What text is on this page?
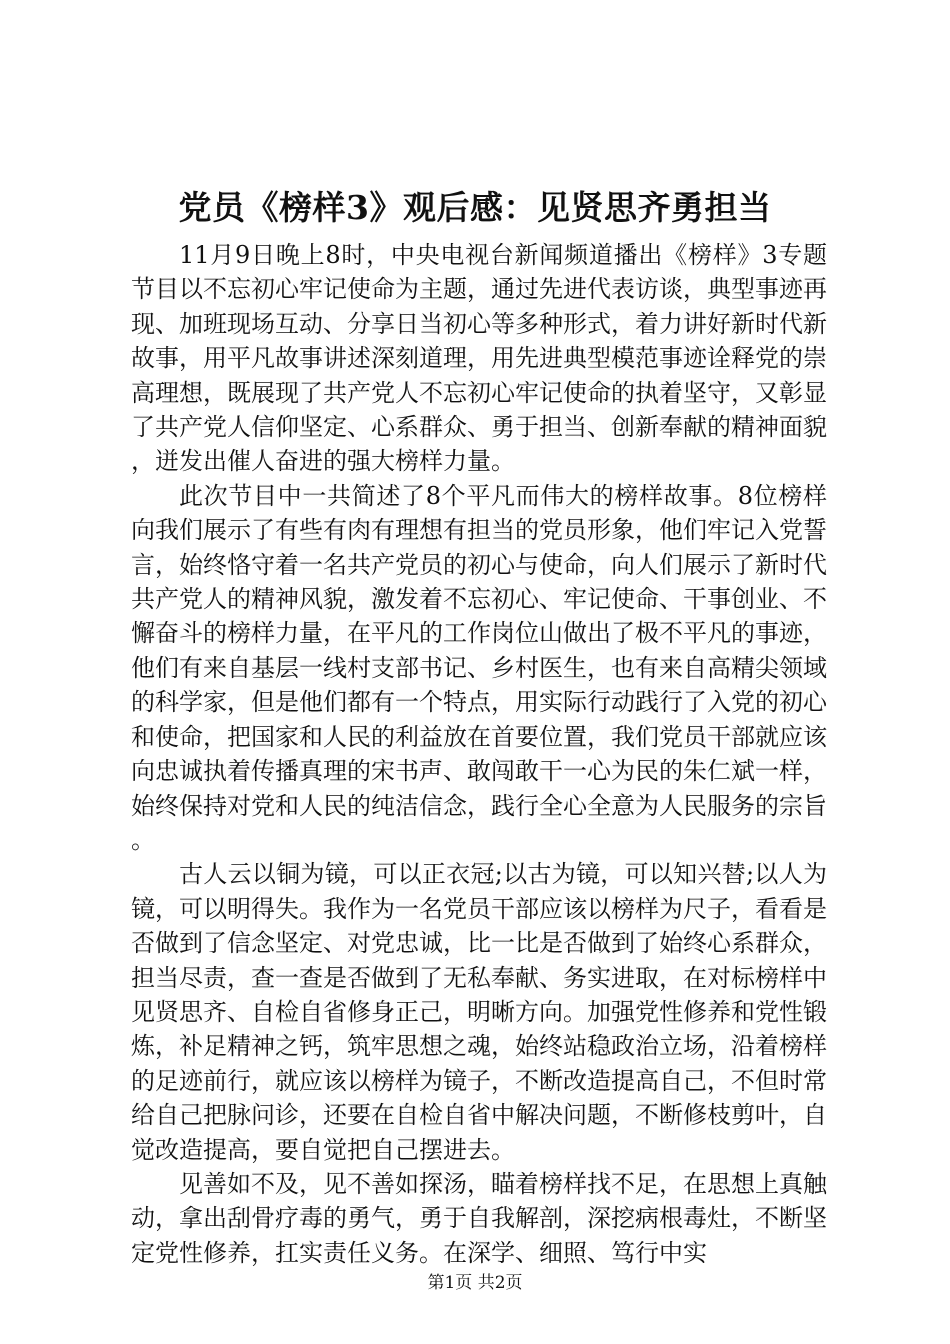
党员《榜样3》观后感：见贤思齐勇担当

11月9日晚上8时，中央电视台新闻频道播出《榜样》3专题节目以不忘初心牢记使命为主题，通过先进代表访谈，典型事迹再现、加班现场互动、分享日当初心等多种形式，着力讲好新时代新故事，用平凡故事讲述深刻道理，用先进典型模范事迹诠释党的崇高理想，既展现了共产党人不忘初心牢记使命的执着坚守，又彰显了共产党人信仰坚定、心系群众、勇于担当、创新奉献的精神面貌，迸发出催人奋进的强大榜样力量。

此次节目中一共简述了8个平凡而伟大的榜样故事。8位榜样向我们展示了有些有肉有理想有担当的党员形象，他们牢记入党誓言，始终恪守着一名共产党员的初心与使命，向人们展示了新时代共产党人的精神风貌，激发着不忘初心、牢记使命、干事创业、不懈奋斗的榜样力量，在平凡的工作岗位山做出了极不平凡的事迹，他们有来自基层一线村支部书记、乡村医生，也有来自高精尖领域的科学家，但是他们都有一个特点，用实际行动践行了入党的初心和使命，把国家和人民的利益放在首要位置，我们党员干部就应该向忠诚执着传播真理的宋书声、敢闯敢干一心为民的朱仁斌一样，始终保持对党和人民的纯洁信念，践行全心全意为人民服务的宗旨。

古人云以铜为镜，可以正衣冠;以古为镜，可以知兴替;以人为镜，可以明得失。我作为一名党员干部应该以榜样为尺子，看看是否做到了信念坚定、对党忠诚，比一比是否做到了始终心系群众，担当尽责，查一查是否做到了无私奉献、务实进取，在对标榜样中见贤思齐、自检自省修身正己，明晰方向。加强党性修养和党性锻炼，补足精神之钙，筑牢思想之魂，始终站稳政治立场，沿着榜样的足迹前行，就应该以榜样为镜子，不断改造提高自己，不但时常给自己把脉问诊，还要在自检自省中解决问题，不断修枝剪叶，自觉改造提高，要自觉把自己摆进去。

见善如不及，见不善如探汤，瞄着榜样找不足，在思想上真触动，拿出刮骨疗毒的勇气，勇于自我解剖，深挖病根毒灶，不断坚定党性修养，扛实责任义务。在深学、细照、笃行中实

第1页 共2页
